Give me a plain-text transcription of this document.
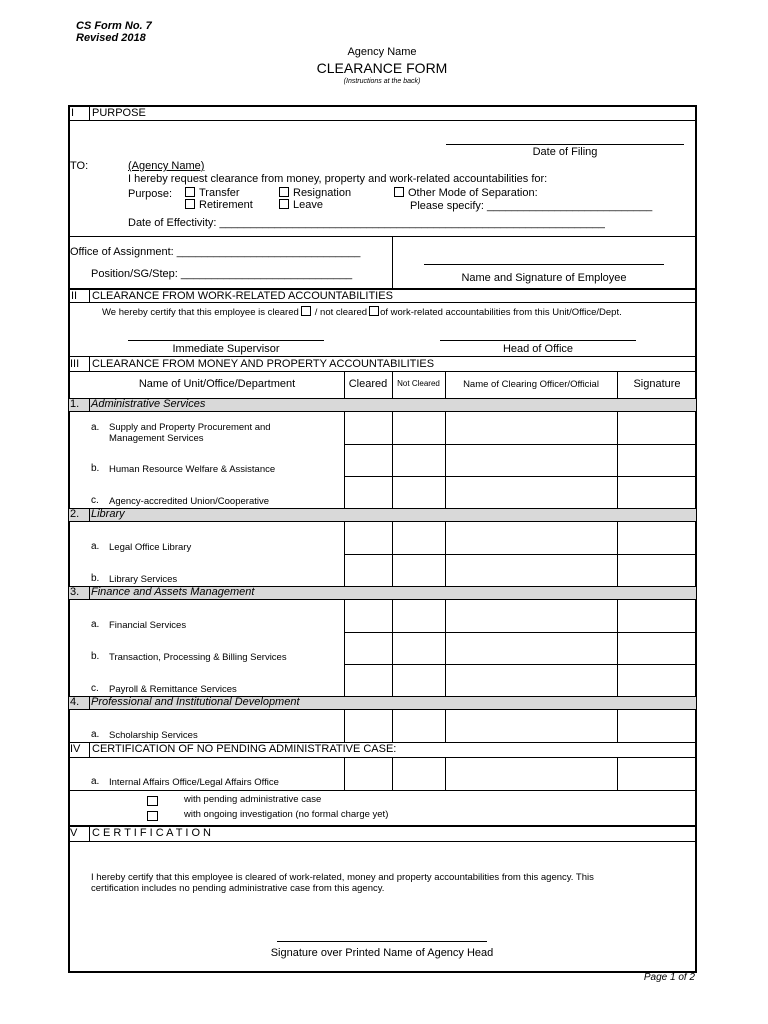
CS Form No. 7
Revised 2018
Agency Name
CLEARANCE FORM
(Instructions at the back)
I PURPOSE
Date of Filing
TO:	(Agency Name)
I hereby request clearance from money, property and work-related accountabilities for:
Purpose:	Transfer	Resignation	Other Mode of Separation:
Retirement	Leave	Please specify: ___________________________
Date of Effectivity: _______________________________________________________________
Office of Assignment: ______________________________
Position/SG/Step: ____________________________	Name and Signature of Employee
II CLEARANCE FROM WORK-RELATED ACCOUNTABILITIES
We hereby certify that this employee is cleared / not cleared of work-related accountabilities from this Unit/Office/Dept.
Immediate Supervisor	Head of Office
III CLEARANCE FROM MONEY AND PROPERTY ACCOUNTABILITIES
Name of Unit/Office/Department	Cleared	Not Cleared	Name of Clearing Officer/Official	Signature
1. Administrative Services
a. Supply and Property Procurement and
Management Services
b. Human Resource Welfare & Assistance
c. Agency-accredited Union/Cooperative
2. Library
a. Legal Office Library
b. Library Services
3. Finance and Assets Management
a. Financial Services
b. Transaction, Processing & Billing Services
c. Payroll & Remittance Services
4. Professional and Institutional Development
a. Scholarship Services
IV CERTIFICATION OF NO PENDING ADMINISTRATIVE CASE:
a. Internal Affairs Office/Legal Affairs Office
with pending administrative case
with ongoing investigation (no formal charge yet)
V C E R T I F I C A T I O N
I hereby certify that this employee is cleared of work-related, money and property accountabilities from this agency. This
certification includes no pending administrative case from this agency.
Signature over Printed Name of Agency Head
Page 1 of 2
